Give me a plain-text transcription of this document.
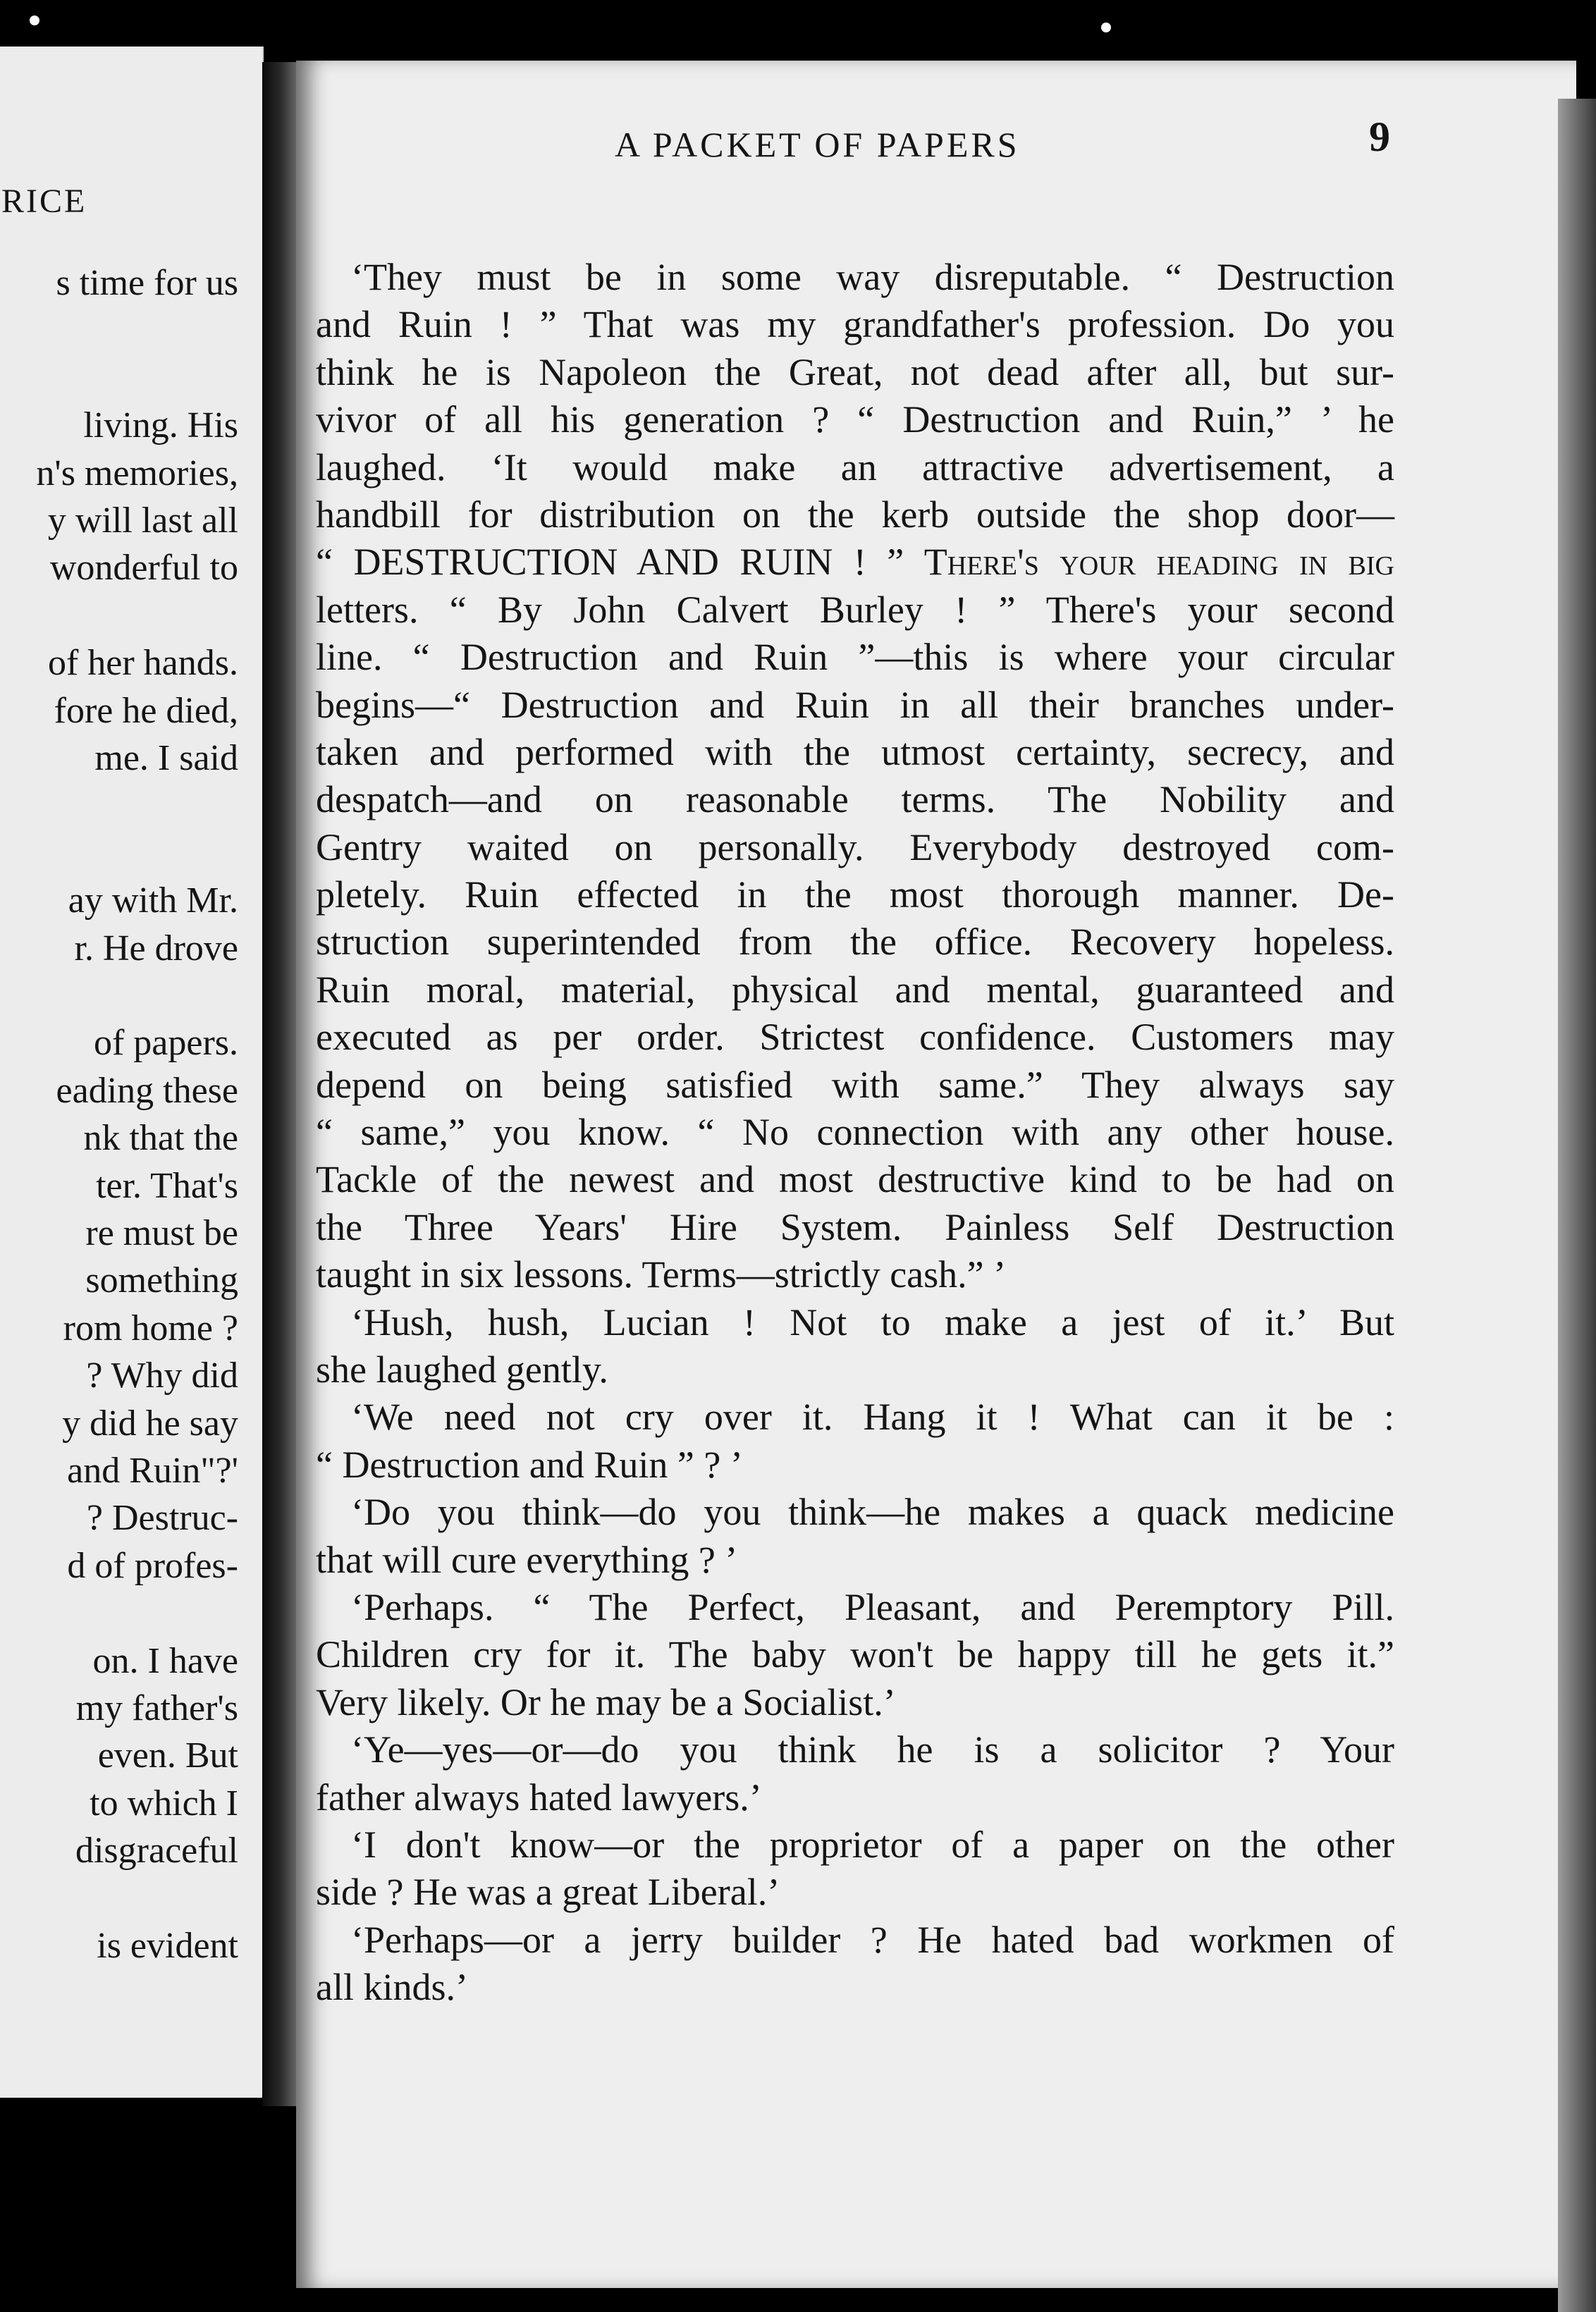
RICE
s time for us
living. His
n's memories,
y will last all
wonderful to
of her hands.
fore he died,
me. I said
ay with Mr.
r. He drove
of papers.
eading these
nk that the
ter. That's
re must be
something
rom home ?
? Why did
y did he say
and Ruin"?'
? Destruc-
d of profes-
on. I have
my father's
even. But
to which I
disgraceful
is evident
A PACKET OF PAPERS	9
‘They must be in some way disreputable. “ Destruction
and Ruin ! ” That was my grandfather's profession. Do you
think he is Napoleon the Great, not dead after all, but sur-
vivor of all his generation ? “ Destruction and Ruin,” ’ he
laughed. ‘It would make an attractive advertisement, a
handbill for distribution on the kerb outside the shop door—
“ DESTRUCTION AND RUIN ! ” There's your heading in big
letters. “ By John Calvert Burley ! ” There's your second
line. “ Destruction and Ruin ”—this is where your circular
begins—“ Destruction and Ruin in all their branches under-
taken and performed with the utmost certainty, secrecy, and
despatch—and on reasonable terms. The Nobility and
Gentry waited on personally. Everybody destroyed com-
pletely. Ruin effected in the most thorough manner. De-
struction superintended from the office. Recovery hopeless.
Ruin moral, material, physical and mental, guaranteed and
executed as per order. Strictest confidence. Customers may
depend on being satisfied with same.” They always say
“ same,” you know. “ No connection with any other house.
Tackle of the newest and most destructive kind to be had on
the Three Years' Hire System. Painless Self Destruction
taught in six lessons. Terms—strictly cash.” ’
‘Hush, hush, Lucian ! Not to make a jest of it.’ But
she laughed gently.
‘We need not cry over it. Hang it ! What can it be :
“ Destruction and Ruin ” ? ’
‘Do you think—do you think—he makes a quack medicine
that will cure everything ? ’
‘Perhaps. “ The Perfect, Pleasant, and Peremptory Pill.
Children cry for it. The baby won't be happy till he gets it.”
Very likely. Or he may be a Socialist.’
‘Ye—yes—or—do you think he is a solicitor ? Your
father always hated lawyers.’
‘I don't know—or the proprietor of a paper on the other
side ? He was a great Liberal.’
‘Perhaps—or a jerry builder ? He hated bad workmen of
all kinds.’
